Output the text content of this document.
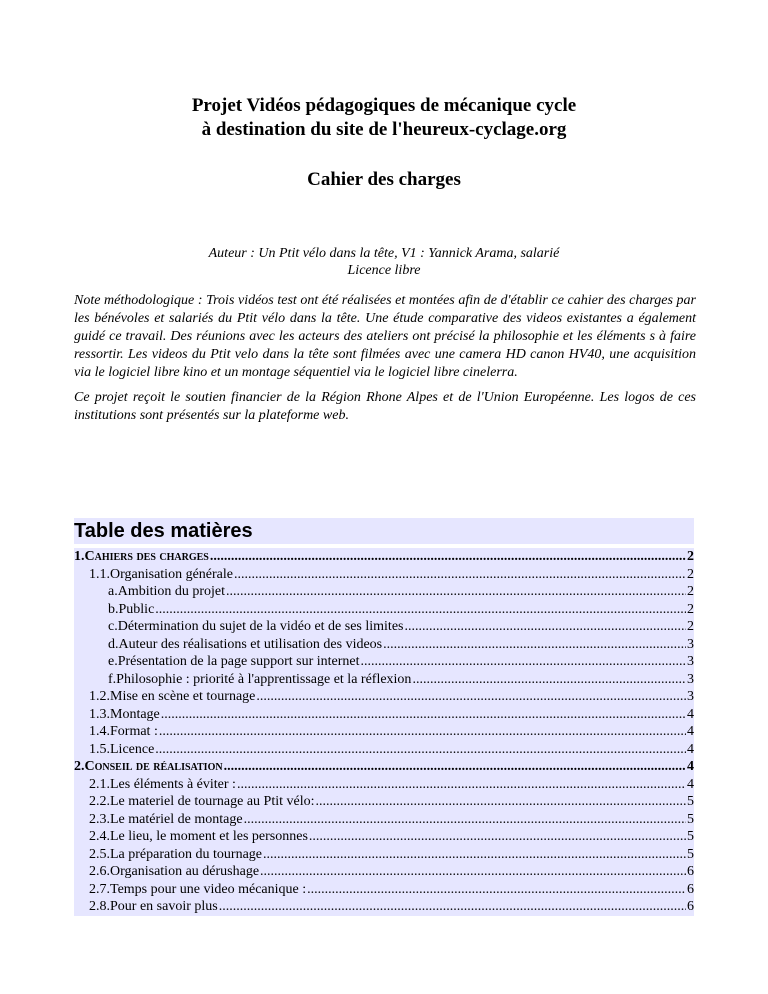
Projet Vidéos pédagogiques de mécanique cycle
à destination du site de l'heureux-cyclage.org
Cahier des charges
Auteur : Un Ptit vélo dans la tête, V1 : Yannick Arama, salarié
Licence libre
Note méthodologique : Trois vidéos test ont été réalisées et montées afin de d'établir ce cahier des charges par les bénévoles et salariés du Ptit vélo dans la tête. Une étude comparative des videos existantes a également guidé ce travail. Des réunions avec les acteurs des ateliers ont précisé la philosophie et les éléments s à faire ressortir. Les videos du Ptit velo dans la tête sont filmées avec une camera HD canon HV40, une acquisition via le logiciel libre kino et un montage séquentiel via le logiciel libre cinelerra.
Ce projet reçoit le soutien financier de la Région Rhone Alpes et de l'Union Européenne. Les logos de ces institutions sont présentés sur la plateforme web.
Table des matières
1.Cahiers des charges .....	2
1.1.Organisation générale .....	2
a.Ambition du projet .....	2
b.Public .....	2
c.Détermination du sujet de la vidéo et de ses limites .....	2
d.Auteur des réalisations et utilisation des videos .....	3
e.Présentation de la page support sur internet .....	3
f.Philosophie : priorité à l'apprentissage et la réflexion .....	3
1.2.Mise en scène et tournage .....	3
1.3.Montage .....	4
1.4.Format : .....	4
1.5.Licence .....	4
2.Conseil de réalisation .....	4
2.1.Les éléments à éviter : .....	4
2.2.Le materiel de tournage au Ptit vélo: .....	5
2.3.Le matériel de montage .....	5
2.4.Le lieu, le moment et les personnes .....	5
2.5.La préparation du tournage .....	5
2.6.Organisation au dérushage .....	6
2.7.Temps pour une video mécanique : .....	6
2.8.Pour en savoir plus .....	6
